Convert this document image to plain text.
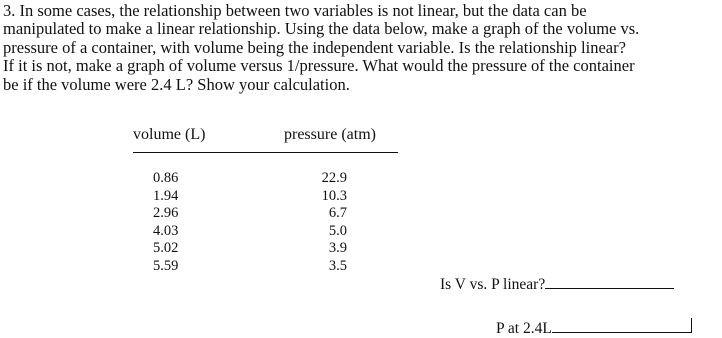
3. In some cases, the relationship between two variables is not linear, but the data can be
manipulated to make a linear relationship. Using the data below, make a graph of the volume vs.
pressure of a container, with volume being the independent variable. Is the relationship linear?
If it is not, make a graph of volume versus 1/pressure. What would the pressure of the container
be if the volume were 2.4 L? Show your calculation.
volume (L)	pressure (atm)
0.86
1.94
2.96
4.03
5.02
5.59
22.9
10.3
6.7
5.0
3.9
3.5
Is V vs. P linear?
P at 2.4L
